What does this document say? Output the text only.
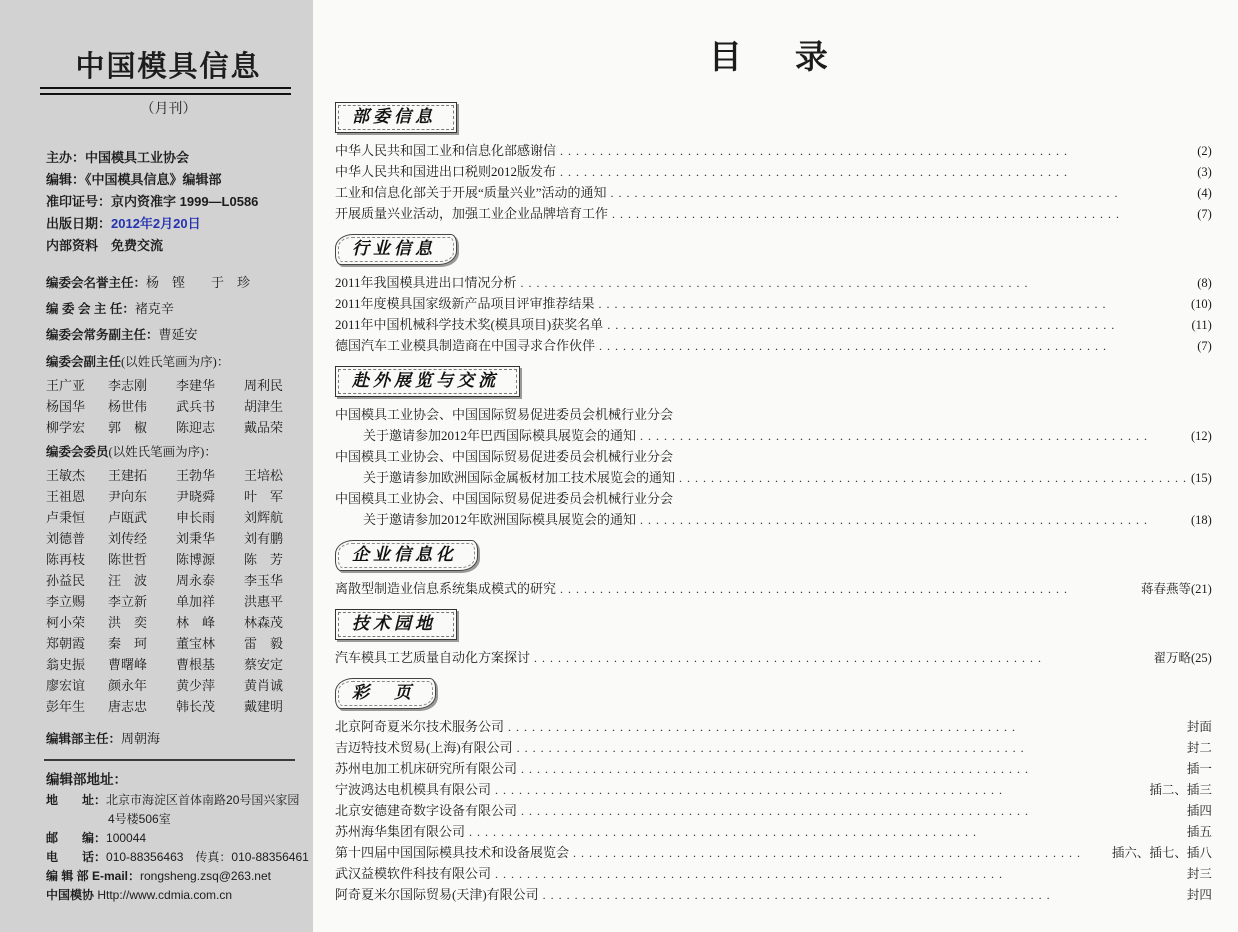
中国模具信息
（月刊）
主办：中国模具工业协会
编辑：《中国模具信息》编辑部
准印证号：京内资准字 1999—L0586
出版日期：2012年2月20日
内部资料　免费交流
编委会名誉主任：杨　铿　　于　珍
编 委 会 主 任：褚克辛
编委会常务副主任：曹延安
编委会副主任(以姓氏笔画为序)：
王广亚	李志刚	李建华	周利民
杨国华	杨世伟	武兵书	胡津生
柳学宏	郭　椒	陈迎志	戴品荣
编委会委员(以姓氏笔画为序)：
王敏杰	王建拓	王勃华	王培松
王祖恩	尹向东	尹晓舜	叶　军
卢秉恒	卢瓯武	申长雨	刘辉航
刘德普	刘传经	刘秉华	刘有鹏
陈再枝	陈世哲	陈博源	陈　芳
孙益民	汪　波	周永泰	李玉华
李立赐	李立新	单加祥	洪惠平
柯小荣	洪　奕	林　峰	林森茂
郑朝霞	秦　珂	董宝林	雷　毅
翁史振	曹曙峰	曹根基	蔡安定
廖宏谊	颜永年	黄少萍	黄肖诚
彭年生	唐志忠	韩长茂	戴建明
编辑部主任：周朝海
编辑部地址：
地　　址：北京市海淀区首体南路20号国兴家园
4号楼506室
邮　　编：100044
电　　话：010-88356463　传真：010-88356461
编 辑 部 E-mail：rongsheng.zsq@263.net
中国模协 Http://www.cdmia.com.cn
目　录
部委信息
中华人民共和国工业和信息化部感谢信 . . .	(2)
中华人民共和国进出口税则2012版发布 . . .	(3)
工业和信息化部关于开展“质量兴业”活动的通知 . . .	(4)
开展质量兴业活动，加强工业企业品牌培育工作 . . .	(7)
行业信息
2011年我国模具进出口情况分析 . . .	(8)
2011年度模具国家级新产品项目评审推荐结果 . . .	(10)
2011年中国机械科学技术奖(模具项目)获奖名单 . . .	(11)
德国汽车工业模具制造商在中国寻求合作伙伴 . . .	(7)
赴外展览与交流
中国模具工业协会、中国国际贸易促进委员会机械行业分会
关于邀请参加2012年巴西国际模具展览会的通知 . . .	(12)
中国模具工业协会、中国国际贸易促进委员会机械行业分会
关于邀请参加欧洲国际金属板材加工技术展览会的通知 . . .	(15)
中国模具工业协会、中国国际贸易促进委员会机械行业分会
关于邀请参加2012年欧洲国际模具展览会的通知 . . .	(18)
企业信息化
离散型制造业信息系统集成模式的研究 . . .	蒋春燕等(21)
技术园地
汽车模具工艺质量自动化方案探讨 . . .	翟万略(25)
彩　页
北京阿奇夏米尔技术服务公司 . . .	封面
吉迈特技术贸易(上海)有限公司 . . .	封二
苏州电加工机床研究所有限公司 . . .	插一
宁波鸿达电机模具有限公司 . . .	插二、插三
北京安德建奇数字设备有限公司 . . .	插四
苏州海华集团有限公司 . . .	插五
第十四届中国国际模具技术和设备展览会 . . .	插六、插七、插八
武汉益模软件科技有限公司 . . .	封三
阿奇夏米尔国际贸易(天津)有限公司 . . .	封四
